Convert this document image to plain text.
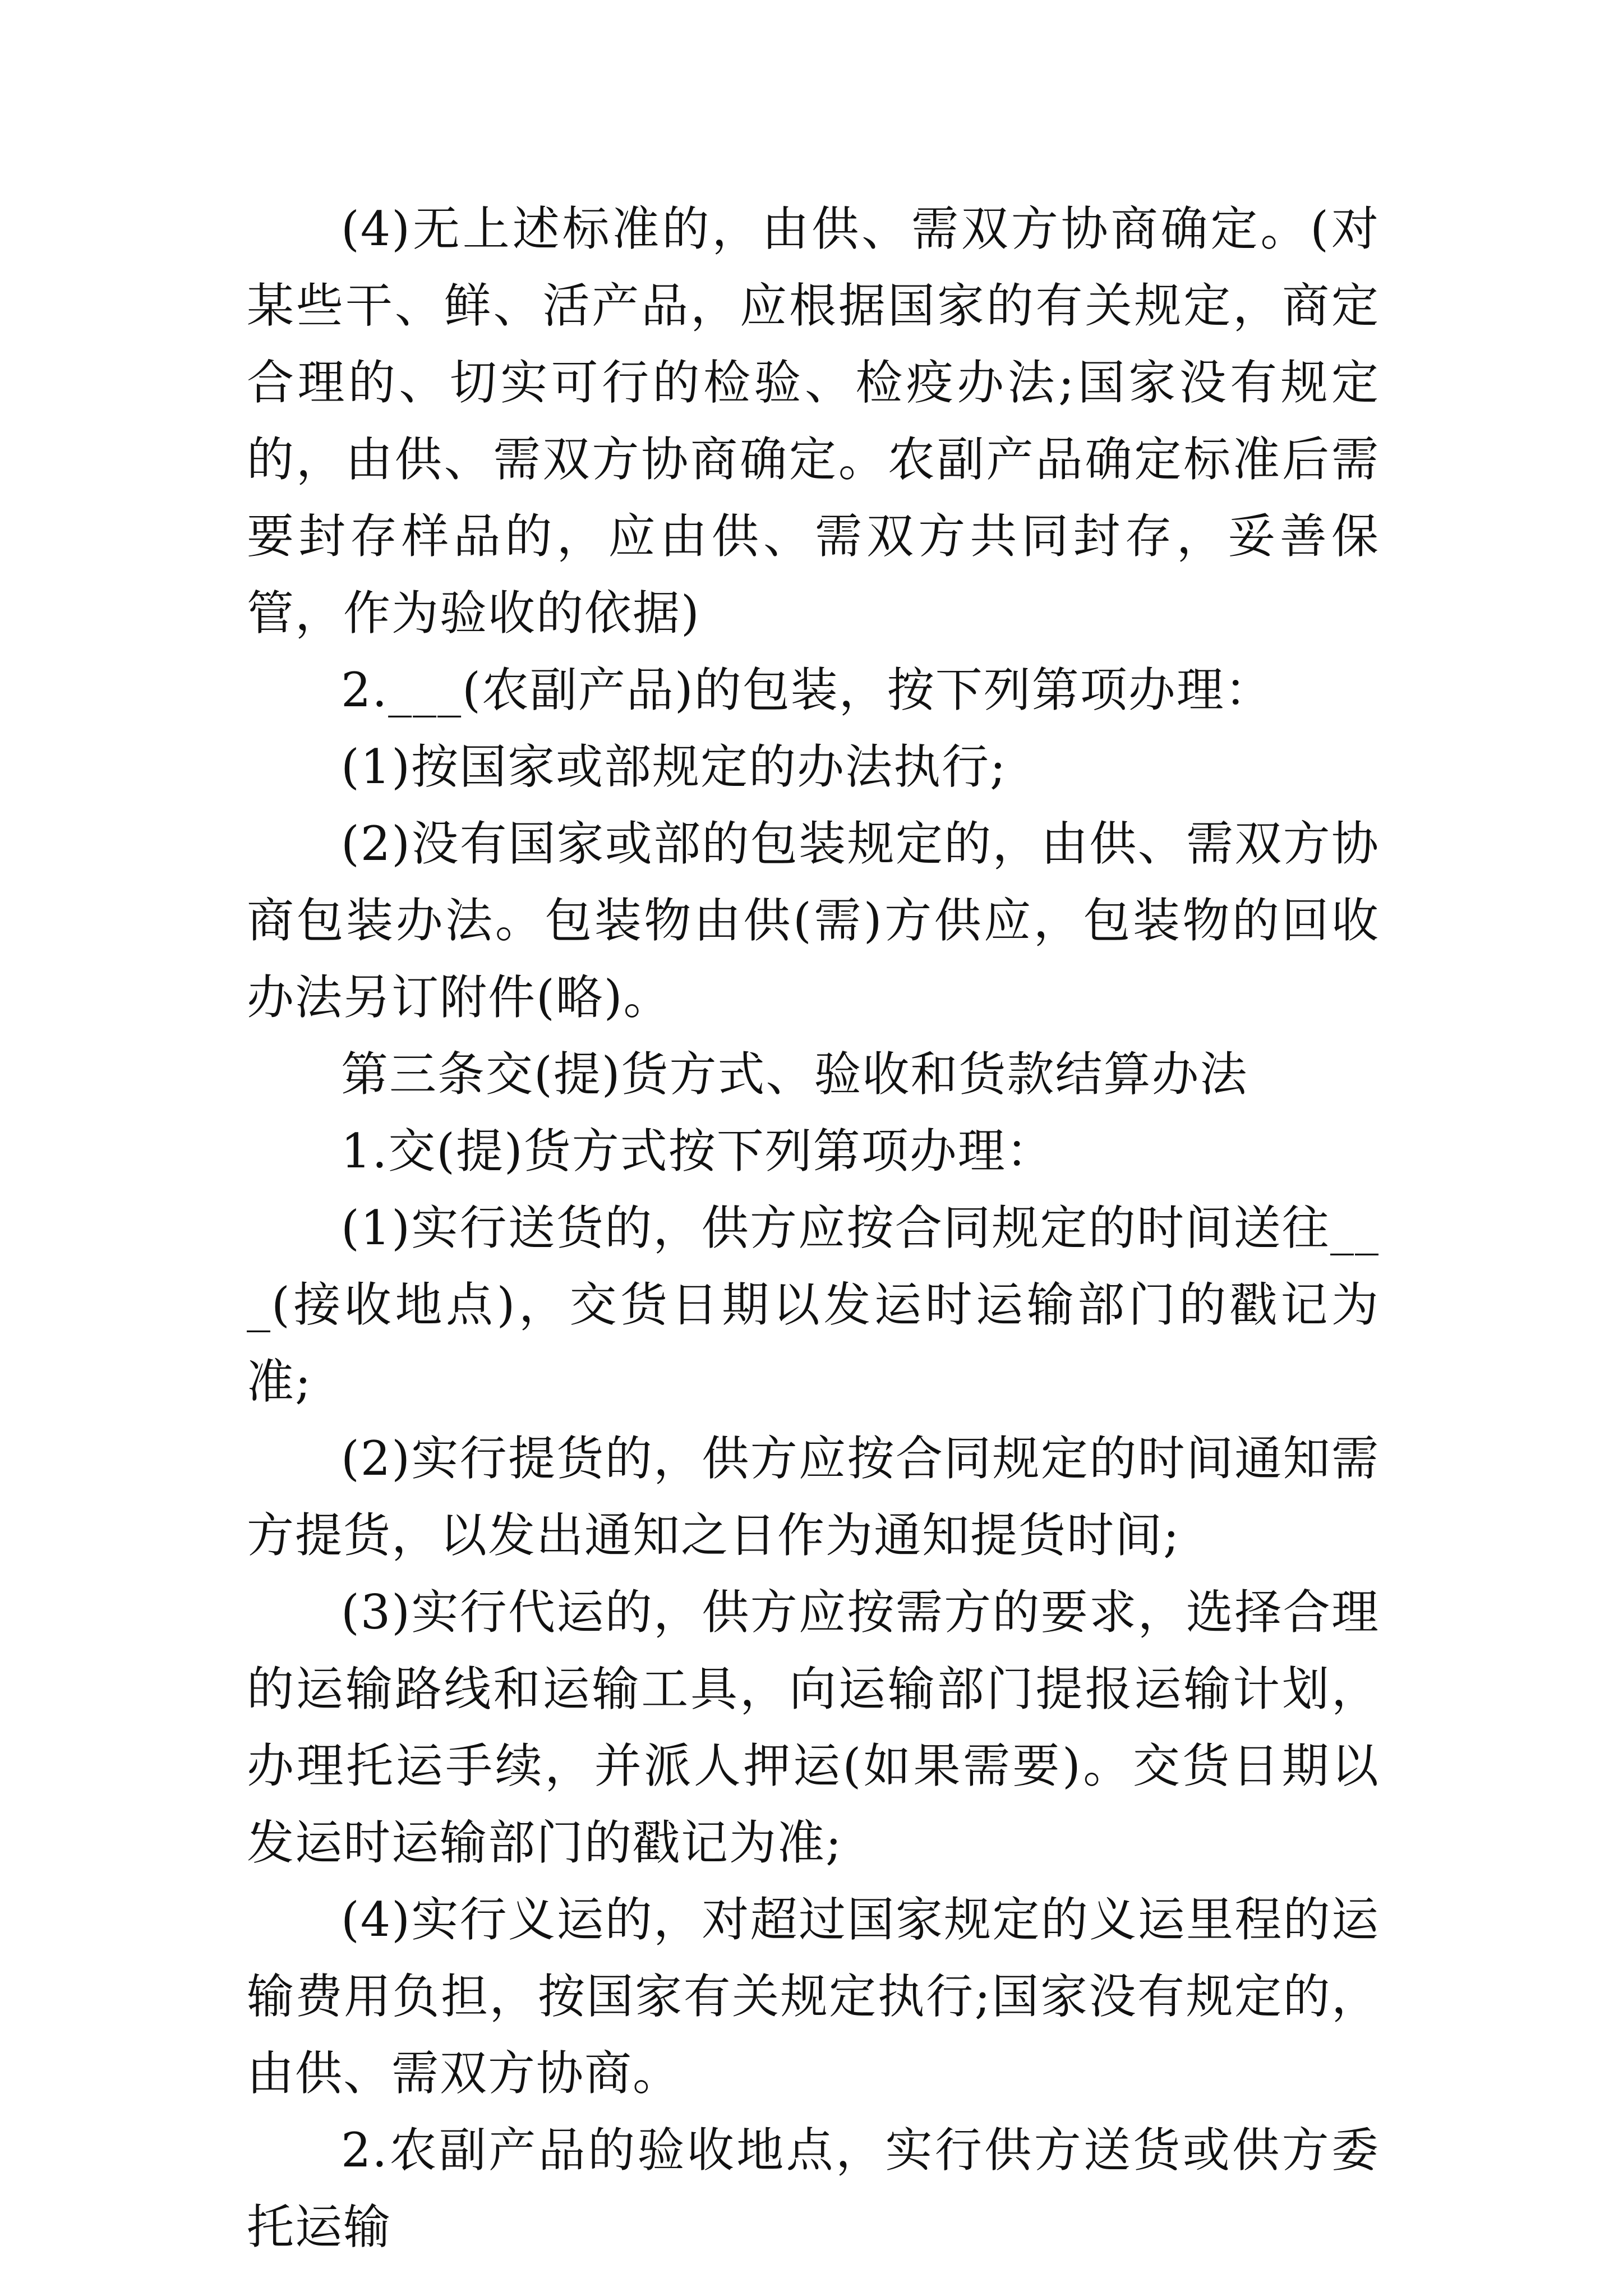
(4)无上述标准的，由供、需双方协商确定。(对某些干、鲜、活产品，应根据国家的有关规定，商定合理的、切实可行的检验、检疫办法;国家没有规定的，由供、需双方协商确定。农副产品确定标准后需要封存样品的，应由供、需双方共同封存，妥善保管，作为验收的依据)

2.___(农副产品)的包装，按下列第项办理：

(1)按国家或部规定的办法执行;

(2)没有国家或部的包装规定的，由供、需双方协商包装办法。包装物由供(需)方供应，包装物的回收办法另订附件(略)。

第三条交(提)货方式、验收和货款结算办法

1.交(提)货方式按下列第项办理：

(1)实行送货的，供方应按合同规定的时间送往___(接收地点)，交货日期以发运时运输部门的戳记为准;

(2)实行提货的，供方应按合同规定的时间通知需方提货，以发出通知之日作为通知提货时间;

(3)实行代运的，供方应按需方的要求，选择合理的运输路线和运输工具，向运输部门提报运输计划，办理托运手续，并派人押运(如果需要)。交货日期以发运时运输部门的戳记为准;

(4)实行义运的，对超过国家规定的义运里程的运输费用负担，按国家有关规定执行;国家没有规定的，由供、需双方协商。

2.农副产品的验收地点，实行供方送货或供方委托运输
